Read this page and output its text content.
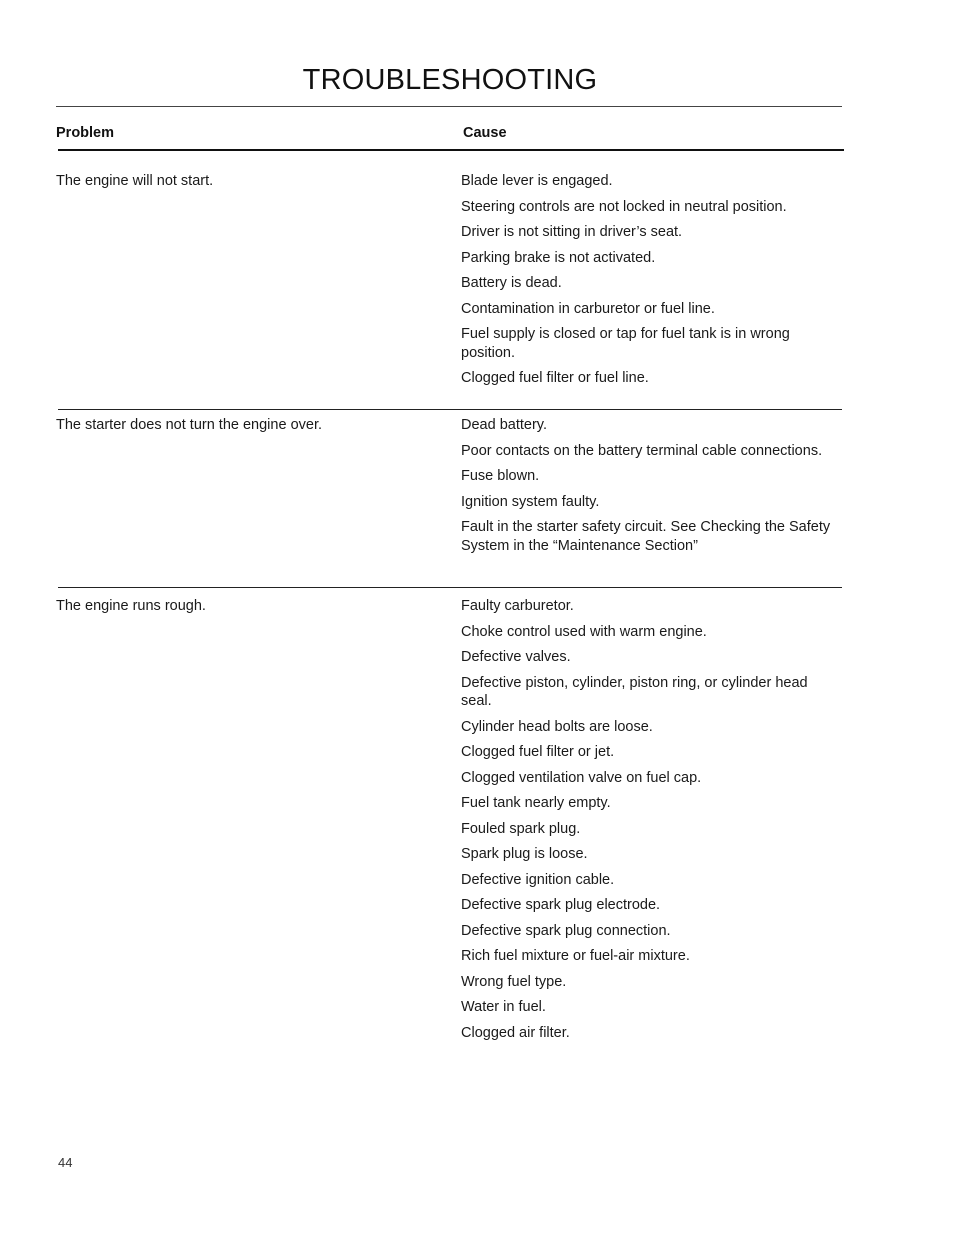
TROUBLESHOOTING
Problem	Cause
The engine will not start.	Blade lever is engaged.
Steering controls are not locked in neutral position.
Driver is not sitting in driver’s seat.
Parking brake is not activated.
Battery is dead.
Contamination in carburetor or fuel line.
Fuel supply is closed or tap for fuel tank is in wrong position.
Clogged fuel filter or fuel line.
The starter does not turn the engine over.	Dead battery.
Poor contacts on the battery terminal cable connections.
Fuse blown.
Ignition system faulty.
Fault in the starter safety circuit. See Checking the Safety System in the “Maintenance Section”
The engine runs rough.	Faulty carburetor.
Choke control used with warm engine.
Defective valves.
Defective piston, cylinder, piston ring, or cylinder head seal.
Cylinder head bolts are loose.
Clogged fuel filter or jet.
Clogged ventilation valve on fuel cap.
Fuel tank nearly empty.
Fouled spark plug.
Spark plug is loose.
Defective ignition cable.
Defective spark plug electrode.
Defective spark plug connection.
Rich fuel mixture or fuel-air mixture.
Wrong fuel type.
Water in fuel.
Clogged air filter.
44
